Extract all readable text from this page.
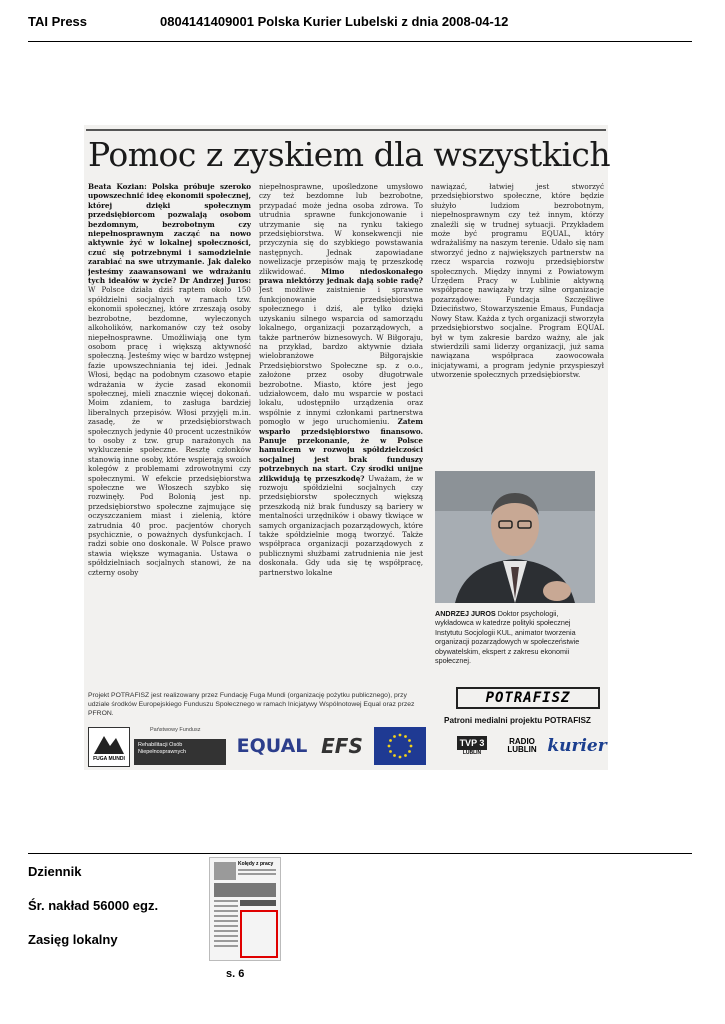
TAI Press	0804141409001 Polska Kurier Lubelski z dnia 2008-04-12
Pomoc z zyskiem dla wszystkich
Beata Kozian: Polska próbuje szeroko upowszechnić ideę ekonomii społecznej, której dzięki społecznym przedsiębiorcom pozwalają osobom bezdomnym, bezrobotnym czy niepełnosprawnym zacząć na nowo aktywnie żyć w lokalnej społeczności, czuć się potrzebnymi i samodzielnie zarabiać na swe utrzymanie. Jak daleko jesteśmy zaawansowani we wdrażaniu tych ideałów w życie? Dr Andrzej Juros: W Polsce działa dziś raptem około 150 spółdzielni socjalnych w ramach tzw. ekonomii społecznej, które zrzeszają osoby bezrobotne, bezdomne, wyleczonych alkoholików, narkomanów czy też osoby niepełnosprawne. Umożliwiają one tym osobom pracę i większą aktywność społeczną. Jesteśmy więc w bardzo wstępnej fazie upowszechniania tej idei. Jednak Włosi, będąc na podobnym czasowo etapie wdrażania w życie zasad ekonomii społecznej, mieli znacznie więcej dokonań. Moim zdaniem, to zasługa bardziej liberalnych przepisów. Włosi przyjęli m.in. zasadę, że w przedsiębiorstwach społecznych jedynie 40 procent uczestników to osoby z tzw. grup narażonych na wykluczenie społeczne. Resztę członków stanowią inne osoby, które wspierają swoich kolegów z problemami zdrowotnymi czy społecznymi. W efekcie przedsiębiorstwa społeczne we Włoszech szybko się rozwinęły. Pod Bolonią jest np. przedsiębiorstwo społeczne zajmujące się oczyszczaniem miast i zielenią, które zatrudnia 40 proc. pacjentów chorych psychicznie, o poważnych dysfunkcjach. I radzi sobie ono doskonale. W Polsce prawo stawia większe wymagania. Ustawa o spółdzielniach socjalnych stanowi, że na czterny osoby
niepełnosprawne, upośledzone umysłowo czy też bezdomne lub bezrobotne, przypadać może jedna osoba zdrowa. To utrudnia sprawne funkcjonowanie i utrzymanie się na rynku takiego przedsiębiorstwa. W konsekwencji nie przyczynia się do szybkiego powstawania następnych. Jednak zapowiadane nowelizacje przepisów mają tę przeszkodę zlikwidować. Mimo niedoskonałego prawa niektórzy jednak dają sobie radę? Jest możliwe zaistnienie i sprawne funkcjonowanie przedsiębiorstwa społecznego i dziś, ale tylko dzięki uzyskaniu silnego wsparcia od samorządu lokalnego, organizacji pozarządowych, a także partnerów biznesowych. W Biłgoraju, na przykład, bardzo aktywnie działa wielobranżowe Biłgorajskie Przedsiębiorstwo Społeczne sp. z o.o., założone przez osoby długotrwale bezrobotne. Miasto, które jest jego udziałowcem, dało mu wsparcie w postaci lokalu, udostępniło urządzenia oraz wspólnie z innymi członkami partnerstwa pomogło w jego uruchomieniu. Zatem wsparło przedsiębiorstwo finansowo. Panuje przekonanie, że w Polsce hamulcem w rozwoju spółdzielczości socjalnej jest brak funduszy potrzebnych na start. Czy środki unijne zlikwidują tę przeszkodę? Uważam, że w rozwoju spółdzielni socjalnych czy przedsiębiorstw społecznych większą przeszkodą niż brak funduszy są bariery w mentalności urzędników i obawy tkwiące w samych organizacjach pozarządowych, które także spółdzielnie mogą tworzyć. Także współpraca organizacji pozarządowych z publicznymi służbami zatrudnienia nie jest doskonała. Gdy uda się tę współpracę, partnerstwo lokalne
nawiązać, łatwiej jest stworzyć przedsiębiorstwo społeczne, które będzie służyło ludziom bezrobotnym, niepełnosprawnym czy też innym, którzy znaleźli się w trudnej sytuacji. Przykładem może być programu EQUAL, który wdrażaliśmy na naszym terenie. Udało się nam stworzyć jedno z największych partnerstw na rzecz wsparcia rozwoju przedsiębiorstw społecznych. Między innymi z Powiatowym Urzędem Pracy w Lublinie aktywną współpracę nawiązały trzy silne organizacje pozarządowe: Fundacja Szczęśliwe Dzieciństwo, Stowarzyszenie Emaus, Fundacja Nowy Staw. Każda z tych organizacji stworzyła przedsiębiorstwo socjalne. Program EQUAL był w tym zakresie bardzo ważny, ale jak stwierdzili sami liderzy organizacji, już sama nawiązana współpraca zaowocowała inicjatywami, a program jedynie przyspieszył utworzenie społecznych przedsiębiorstw.
ANDRZEJ JUROS Doktor psychologii, wykładowca w katedrze polityki społecznej Instytutu Socjologii KUL, animator tworzenia organizacji pozarządowych w społeczeństwie obywatelskim, ekspert z zakresu ekonomii społecznej.
Projekt POTRAFISZ jest realizowany przez Fundację Fuga Mundi (organizację pożytku publicznego), przy udziale środków Europejskiego Funduszu Społecznego w ramach Inicjatywy Wspólnotowej Equal oraz przez PFRON.
POTRAFISZ
Patroni medialni projektu POTRAFISZ
FUGA MUNDI
Państwowy Fundusz
Rehabilitacji Osób Niepełnosprawnych	EQUAL EFS	TVP 3
LUBLIN
RADIO LUBLIN kurier
Dziennik
Śr. nakład 56000 egz.
Zasięg lokalny
Kolędy z pracy
s. 6
